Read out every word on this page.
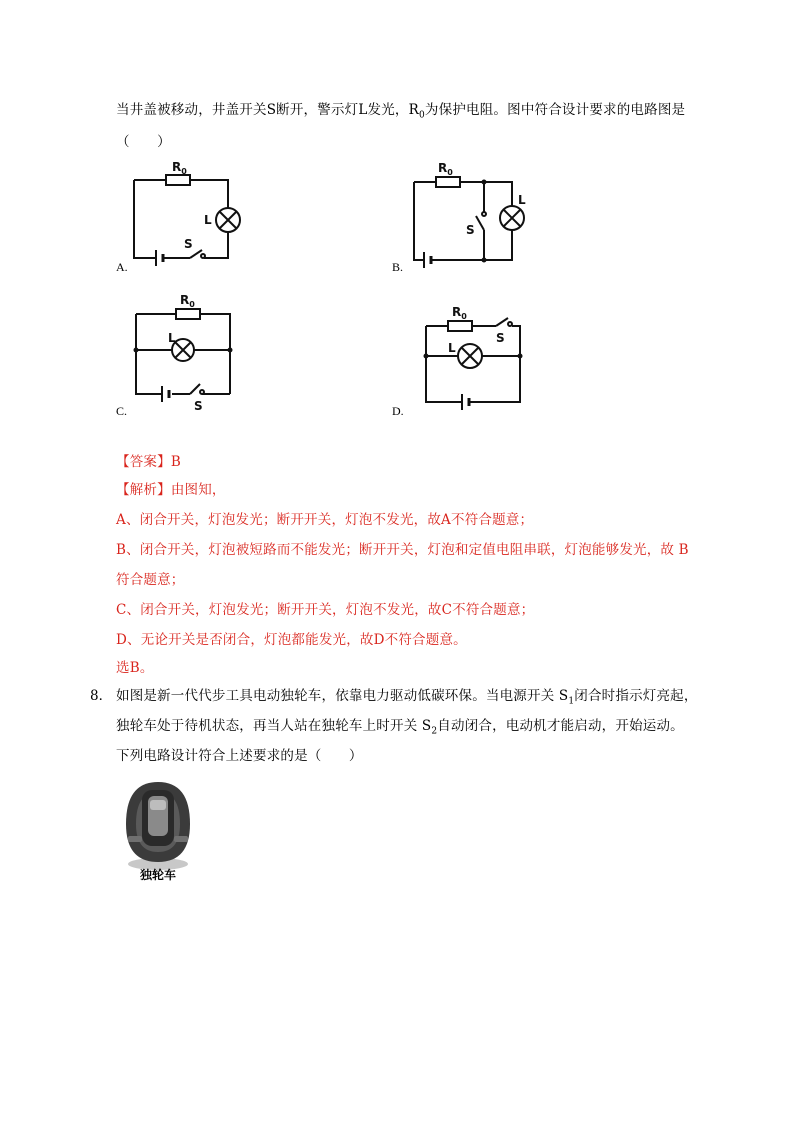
当井盖被移动，井盖开关S断开，警示灯L发光，$R_0$为保护电阻。图中符合设计要求的电路图是
（　　）
$R_0$
L
S
A.
$R_0$
L
S
B.
$R_0$
L
S
C.
$R_0$
L
S
D.
【答案】B
【解析】由图知，
A、闭合开关，灯泡发光；断开开关，灯泡不发光，故A不符合题意；
B、闭合开关，灯泡被短路而不能发光；断开开关，灯泡和定值电阻串联，灯泡能够发光，故 B
符合题意；
C、闭合开关，灯泡发光；断开开关，灯泡不发光，故C不符合题意；
D、无论开关是否闭合，灯泡都能发光，故D不符合题意。
选B。
8． 如图是新一代代步工具电动独轮车，依靠电力驱动低碳环保。当电源开关 $S_1$闭合时指示灯亮起，
独轮车处于待机状态，再当人站在独轮车上时开关 $S_2$自动闭合，电动机才能启动，开始运动。
下列电路设计符合上述要求的是（　　）
独轮车
